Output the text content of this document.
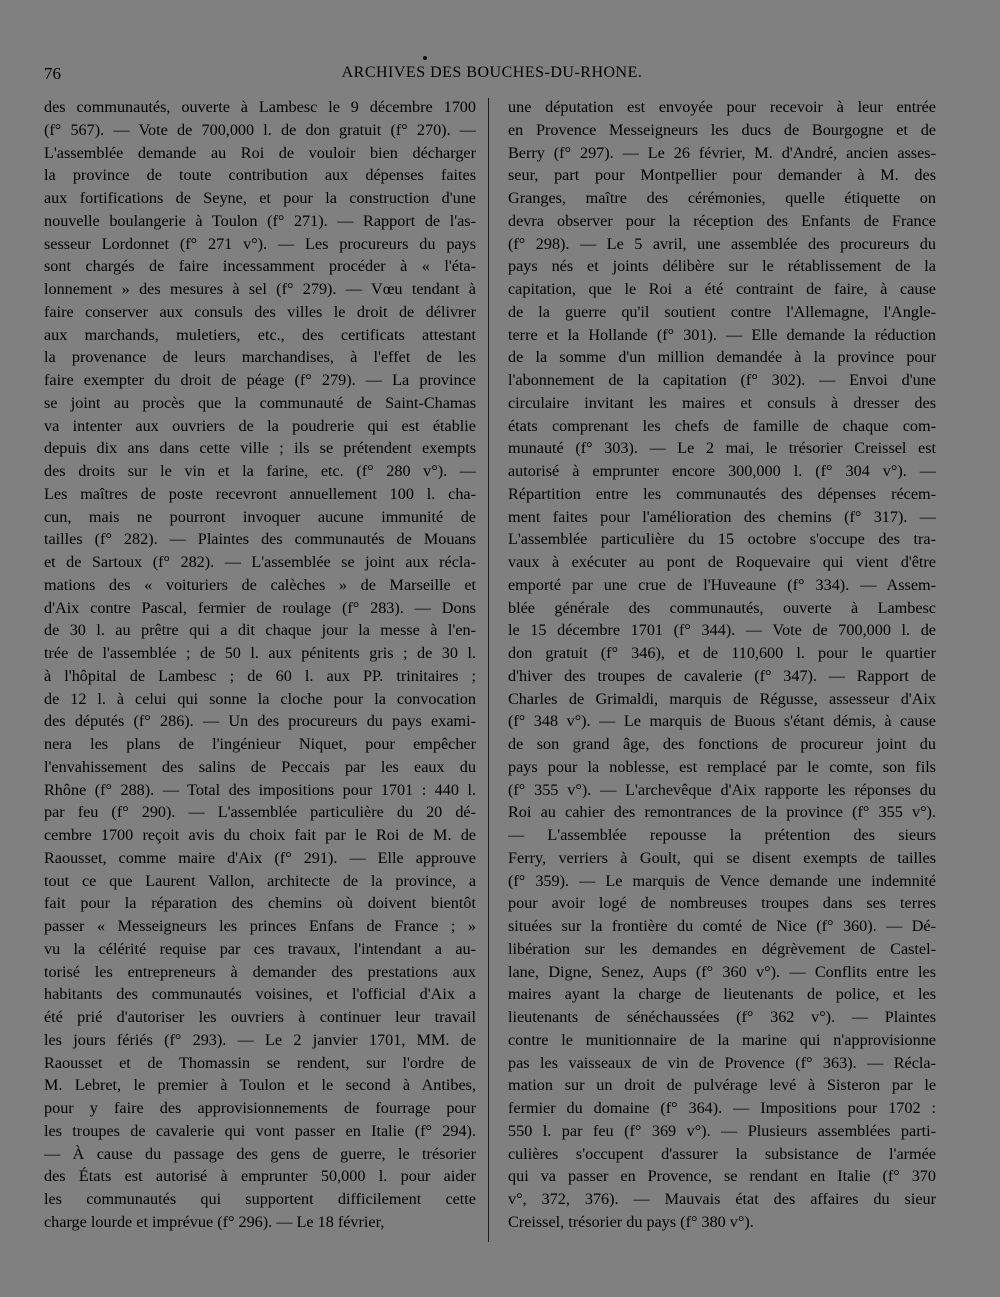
76	ARCHIVES DES BOUCHES-DU-RHONE.
des communautés, ouverte à Lambesc le 9 décembre 1700
(f° 567). — Vote de 700,000 l. de don gratuit (f° 270). —
L'assemblée demande au Roi de vouloir bien décharger
la province de toute contribution aux dépenses faites
aux fortifications de Seyne, et pour la construction d'une
nouvelle boulangerie à Toulon (f° 271). — Rapport de l'as-
sesseur Lordonnet (f° 271 v°). — Les procureurs du pays
sont chargés de faire incessamment procéder à « l'éta-
lonnement » des mesures à sel (f° 279). — Vœu tendant à
faire conserver aux consuls des villes le droit de délivrer
aux marchands, muletiers, etc., des certificats attestant
la provenance de leurs marchandises, à l'effet de les
faire exempter du droit de péage (f° 279). — La province
se joint au procès que la communauté de Saint-Chamas
va intenter aux ouvriers de la poudrerie qui est établie
depuis dix ans dans cette ville ; ils se prétendent exempts
des droits sur le vin et la farine, etc. (f° 280 v°). —
Les maîtres de poste recevront annuellement 100 l. cha-
cun, mais ne pourront invoquer aucune immunité de
tailles (f° 282). — Plaintes des communautés de Mouans
et de Sartoux (f° 282). — L'assemblée se joint aux récla-
mations des « voituriers de calèches » de Marseille et
d'Aix contre Pascal, fermier de roulage (f° 283). — Dons
de 30 l. au prêtre qui a dit chaque jour la messe à l'en-
trée de l'assemblée ; de 50 l. aux pénitents gris ; de 30 l.
à l'hôpital de Lambesc ; de 60 l. aux PP. trinitaires ;
de 12 l. à celui qui sonne la cloche pour la convocation
des députés (f° 286). — Un des procureurs du pays exami-
nera les plans de l'ingénieur Niquet, pour empêcher
l'envahissement des salins de Peccais par les eaux du
Rhône (f° 288). — Total des impositions pour 1701 : 440 l.
par feu (f° 290). — L'assemblée particulière du 20 dé-
cembre 1700 reçoit avis du choix fait par le Roi de M. de
Raousset, comme maire d'Aix (f° 291). — Elle approuve
tout ce que Laurent Vallon, architecte de la province, a
fait pour la réparation des chemins où doivent bientôt
passer « Messeigneurs les princes Enfans de France ; »
vu la célérité requise par ces travaux, l'intendant a au-
torisé les entrepreneurs à demander des prestations aux
habitants des communautés voisines, et l'official d'Aix a
été prié d'autoriser les ouvriers à continuer leur travail
les jours fériés (f° 293). — Le 2 janvier 1701, MM. de
Raousset et de Thomassin se rendent, sur l'ordre de
M. Lebret, le premier à Toulon et le second à Antibes,
pour y faire des approvisionnements de fourrage pour
les troupes de cavalerie qui vont passer en Italie (f° 294).
— À cause du passage des gens de guerre, le trésorier
des États est autorisé à emprunter 50,000 l. pour aider
les communautés qui supportent difficilement cette
charge lourde et imprévue (f° 296). — Le 18 février,
une députation est envoyée pour recevoir à leur entrée
en Provence Messeigneurs les ducs de Bourgogne et de
Berry (f° 297). — Le 26 février, M. d'André, ancien asses-
seur, part pour Montpellier pour demander à M. des
Granges, maître des cérémonies, quelle étiquette on
devra observer pour la réception des Enfants de France
(f° 298). — Le 5 avril, une assemblée des procureurs du
pays nés et joints délibère sur le rétablissement de la
capitation, que le Roi a été contraint de faire, à cause
de la guerre qu'il soutient contre l'Allemagne, l'Angle-
terre et la Hollande (f° 301). — Elle demande la réduction
de la somme d'un million demandée à la province pour
l'abonnement de la capitation (f° 302). — Envoi d'une
circulaire invitant les maires et consuls à dresser des
états comprenant les chefs de famille de chaque com-
munauté (f° 303). — Le 2 mai, le trésorier Creissel est
autorisé à emprunter encore 300,000 l. (f° 304 v°). —
Répartition entre les communautés des dépenses récem-
ment faites pour l'amélioration des chemins (f° 317). —
L'assemblée particulière du 15 octobre s'occupe des tra-
vaux à exécuter au pont de Roquevaire qui vient d'être
emporté par une crue de l'Huveaune (f° 334). — Assem-
blée générale des communautés, ouverte à Lambesc
le 15 décembre 1701 (f° 344). — Vote de 700,000 l. de
don gratuit (f° 346), et de 110,600 l. pour le quartier
d'hiver des troupes de cavalerie (f° 347). — Rapport de
Charles de Grimaldi, marquis de Régusse, assesseur d'Aix
(f° 348 v°). — Le marquis de Buous s'étant démis, à cause
de son grand âge, des fonctions de procureur joint du
pays pour la noblesse, est remplacé par le comte, son fils
(f° 355 v°). — L'archevêque d'Aix rapporte les réponses du
Roi au cahier des remontrances de la province (f° 355 v°).
— L'assemblée repousse la prétention des sieurs
Ferry, verriers à Goult, qui se disent exempts de tailles
(f° 359). — Le marquis de Vence demande une indemnité
pour avoir logé de nombreuses troupes dans ses terres
situées sur la frontière du comté de Nice (f° 360). — Dé-
libération sur les demandes en dégrèvement de Castel-
lane, Digne, Senez, Aups (f° 360 v°). — Conflits entre les
maires ayant la charge de lieutenants de police, et les
lieutenants de sénéchaussées (f° 362 v°). — Plaintes
contre le munitionnaire de la marine qui n'approvisionne
pas les vaisseaux de vin de Provence (f° 363). — Récla-
mation sur un droit de pulvérage levé à Sisteron par le
fermier du domaine (f° 364). — Impositions pour 1702 :
550 l. par feu (f° 369 v°). — Plusieurs assemblées parti-
culières s'occupent d'assurer la subsistance de l'armée
qui va passer en Provence, se rendant en Italie (f° 370
v°, 372, 376). — Mauvais état des affaires du sieur
Creissel, trésorier du pays (f° 380 v°).
